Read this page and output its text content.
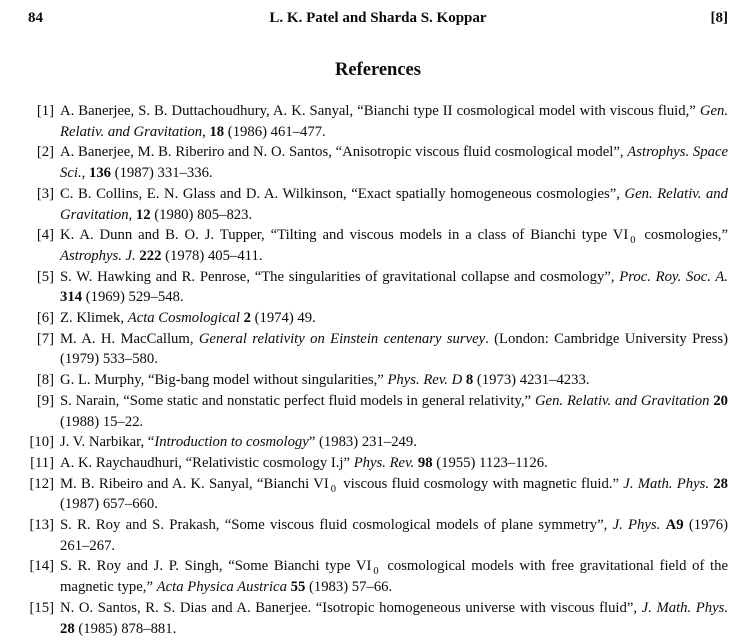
84	L. K. Patel and Sharda S. Koppar	[8]
References
[1] A. Banerjee, S. B. Duttachoudhury, A. K. Sanyal, “Bianchi type II cosmological model with viscous fluid,” Gen. Relativ. and Gravitation, 18 (1986) 461–477.
[2] A. Banerjee, M. B. Riberiro and N. O. Santos, “Anisotropic viscous fluid cosmological model”, Astrophys. Space Sci., 136 (1987) 331–336.
[3] C. B. Collins, E. N. Glass and D. A. Wilkinson, “Exact spatially homogeneous cosmologies”, Gen. Relativ. and Gravitation, 12 (1980) 805–823.
[4] K. A. Dunn and B. O. J. Tupper, “Tilting and viscous models in a class of Bianchi type VI $_0$ cosmologies,” Astrophys. J. 222 (1978) 405–411.
[5] S. W. Hawking and R. Penrose, “The singularities of gravitational collapse and cosmology”, Proc. Roy. Soc. A. 314 (1969) 529–548.
[6] Z. Klimek, Acta Cosmological 2 (1974) 49.
[7] M. A. H. MacCallum, General relativity on Einstein centenary survey. (London: Cambridge University Press) (1979) 533–580.
[8] G. L. Murphy, “Big-bang model without singularities,” Phys. Rev. D 8 (1973) 4231–4233.
[9] S. Narain, “Some static and nonstatic perfect fluid models in general relativity,” Gen. Relativ. and Gravitation 20 (1988) 15–22.
[10] J. V. Narbikar, “Introduction to cosmology” (1983) 231–249.
[11] A. K. Raychaudhuri, “Relativistic cosmology I.j” Phys. Rev. 98 (1955) 1123–1126.
[12] M. B. Ribeiro and A. K. Sanyal, “Bianchi VI $_0$ viscous fluid cosmology with magnetic fluid.” J. Math. Phys. 28 (1987) 657–660.
[13] S. R. Roy and S. Prakash, “Some viscous fluid cosmological models of plane symmetry”, J. Phys. A9 (1976) 261–267.
[14] S. R. Roy and J. P. Singh, “Some Bianchi type VI $_0$ cosmological models with free gravitational field of the magnetic type,” Acta Physica Austrica 55 (1983) 57–66.
[15] N. O. Santos, R. S. Dias and A. Banerjee. “Isotropic homogeneous universe with viscous fluid”, J. Math. Phys. 28 (1985) 878–881.
